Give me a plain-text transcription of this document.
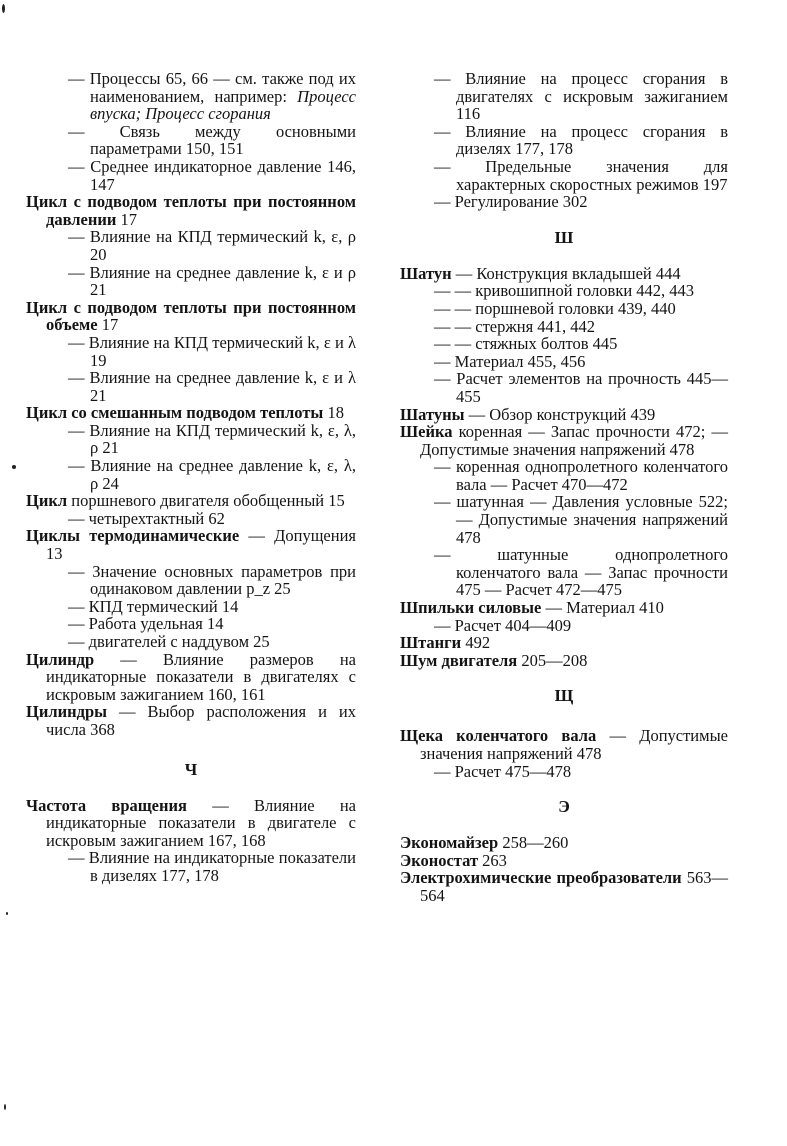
— Процессы 65, 66 — см. также под их наименованием, например: Процесс впуска; Процесс сгорания

— Связь между основными параметрами 150, 151

— Среднее индикаторное давление 146, 147

Цикл с подводом теплоты при постоянном давлении 17

— Влияние на КПД термический k, ε, ρ 20

— Влияние на среднее давление k, ε и ρ 21

Цикл с подводом теплоты при постоянном объеме 17

— Влияние на КПД термический k, ε и λ 19

— Влияние на среднее давление k, ε и λ 21

Цикл со смешанным подводом теплоты 18

— Влияние на КПД термический k, ε, λ, ρ 21

— Влияние на среднее давление k, ε, λ, ρ 24

Цикл поршневого двигателя обобщенный 15

— четырехтактный 62

Циклы термодинамические — Допущения 13

— Значение основных параметров при одинаковом давлении p_z 25

— КПД термический 14

— Работа удельная 14

— двигателей с наддувом 25

Цилиндр — Влияние размеров на индикаторные показатели в двигателях с искровым зажиганием 160, 161

Цилиндры — Выбор расположения и их числа 368

Ч

Частота вращения — Влияние на индикаторные показатели в двигателе с искровым зажиганием 167, 168

— Влияние на индикаторные показатели в дизелях 177, 178

— Влияние на процесс сгорания в двигателях с искровым зажиганием 116

— Влияние на процесс сгорания в дизелях 177, 178

— Предельные значения для характерных скоростных режимов 197

— Регулирование 302

Ш

Шатун — Конструкция вкладышей 444

— — кривошипной головки 442, 443

— — поршневой головки 439, 440

— — стержня 441, 442

— — стяжных болтов 445

— Материал 455, 456

— Расчет элементов на прочность 445—455

Шатуны — Обзор конструкций 439

Шейка коренная — Запас прочности 472; — Допустимые значения напряжений 478

— коренная однопролетного коленчатого вала — Расчет 470—472

— шатунная — Давления условные 522; — Допустимые значения напряжений 478

— шатунные однопролетного коленчатого вала — Запас прочности 475 — Расчет 472—475

Шпильки силовые — Материал 410

— Расчет 404—409

Штанги 492

Шум двигателя 205—208

Щ

Щека коленчатого вала — Допустимые значения напряжений 478

— Расчет 475—478

Э

Экономайзер 258—260

Эконостат 263

Электрохимические преобразователи 563—564
